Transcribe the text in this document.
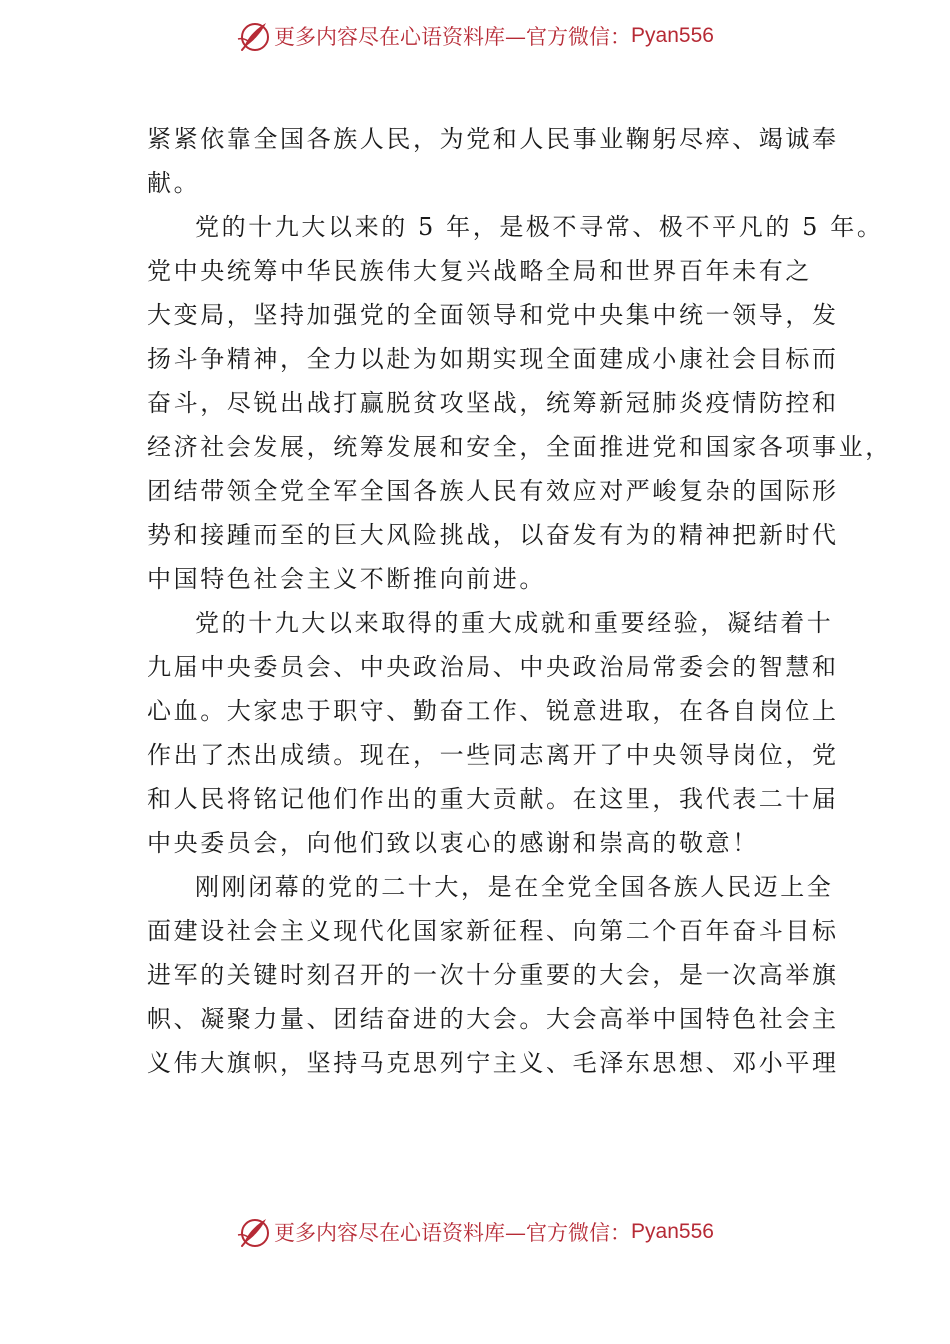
更多内容尽在心语资料库—官方微信： Pyan556
紧紧依靠全国各族人民，为党和人民事业鞠躬尽瘁、竭诚奉
献。
党的十九大以来的 5 年，是极不寻常、极不平凡的 5 年。
党中央统筹中华民族伟大复兴战略全局和世界百年未有之
大变局，坚持加强党的全面领导和党中央集中统一领导，发
扬斗争精神，全力以赴为如期实现全面建成小康社会目标而
奋斗，尽锐出战打赢脱贫攻坚战，统筹新冠肺炎疫情防控和
经济社会发展，统筹发展和安全，全面推进党和国家各项事业，
团结带领全党全军全国各族人民有效应对严峻复杂的国际形
势和接踵而至的巨大风险挑战，以奋发有为的精神把新时代
中国特色社会主义不断推向前进。
党的十九大以来取得的重大成就和重要经验，凝结着十
九届中央委员会、中央政治局、中央政治局常委会的智慧和
心血。大家忠于职守、勤奋工作、锐意进取，在各自岗位上
作出了杰出成绩。现在，一些同志离开了中央领导岗位，党
和人民将铭记他们作出的重大贡献。在这里，我代表二十届
中央委员会，向他们致以衷心的感谢和崇高的敬意！
刚刚闭幕的党的二十大，是在全党全国各族人民迈上全
面建设社会主义现代化国家新征程、向第二个百年奋斗目标
进军的关键时刻召开的一次十分重要的大会，是一次高举旗
帜、凝聚力量、团结奋进的大会。大会高举中国特色社会主
义伟大旗帜，坚持马克思列宁主义、毛泽东思想、邓小平理
更多内容尽在心语资料库—官方微信： Pyan556
